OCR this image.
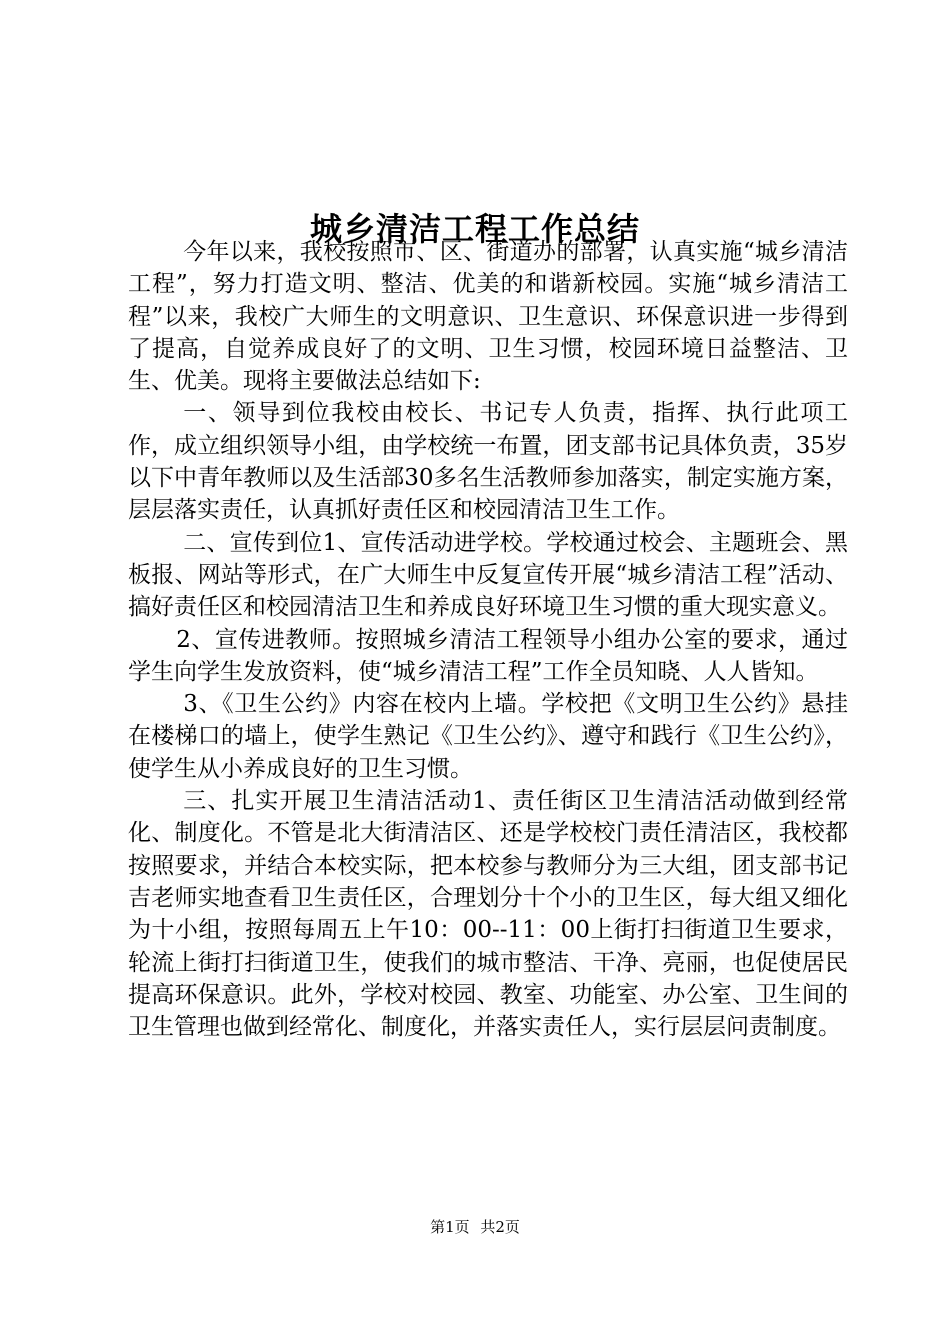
城乡清洁工程工作总结

今年以来，我校按照市、区、街道办的部署，认真实施“城乡清洁工程”，努力打造文明、整洁、优美的和谐新校园。实施“城乡清洁工程”以来，我校广大师生的文明意识、卫生意识、环保意识进一步得到了提高，自觉养成良好了的文明、卫生习惯，校园环境日益整洁、卫生、优美。现将主要做法总结如下:

一、领导到位我校由校长、书记专人负责，指挥、执行此项工作，成立组织领导小组，由学校统一布置，团支部书记具体负责，35岁以下中青年教师以及生活部30多名生活教师参加落实，制定实施方案，层层落实责任，认真抓好责任区和校园清洁卫生工作。

二、宣传到位1、宣传活动进学校。学校通过校会、主题班会、黑板报、网站等形式，在广大师生中反复宣传开展“城乡清洁工程”活动、搞好责任区和校园清洁卫生和养成良好环境卫生习惯的重大现实意义。

2、宣传进教师。按照城乡清洁工程领导小组办公室的要求，通过学生向学生发放资料，使“城乡清洁工程”工作全员知晓、人人皆知。

3、《卫生公约》内容在校内上墙。学校把《文明卫生公约》悬挂在楼梯口的墙上，使学生熟记《卫生公约》、遵守和践行《卫生公约》，使学生从小养成良好的卫生习惯。

三、扎实开展卫生清洁活动1、责任街区卫生清洁活动做到经常化、制度化。不管是北大街清洁区、还是学校校门责任清洁区，我校都按照要求，并结合本校实际，把本校参与教师分为三大组，团支部书记吉老师实地查看卫生责任区，合理划分十个小的卫生区，每大组又细化为十小组，按照每周五上午10：00--11：00上街打扫街道卫生要求，轮流上街打扫街道卫生，使我们的城市整洁、干净、亮丽，也促使居民提高环保意识。此外，学校对校园、教室、功能室、办公室、卫生间的卫生管理也做到经常化、制度化，并落实责任人，实行层层问责制度。

第1页 共2页
